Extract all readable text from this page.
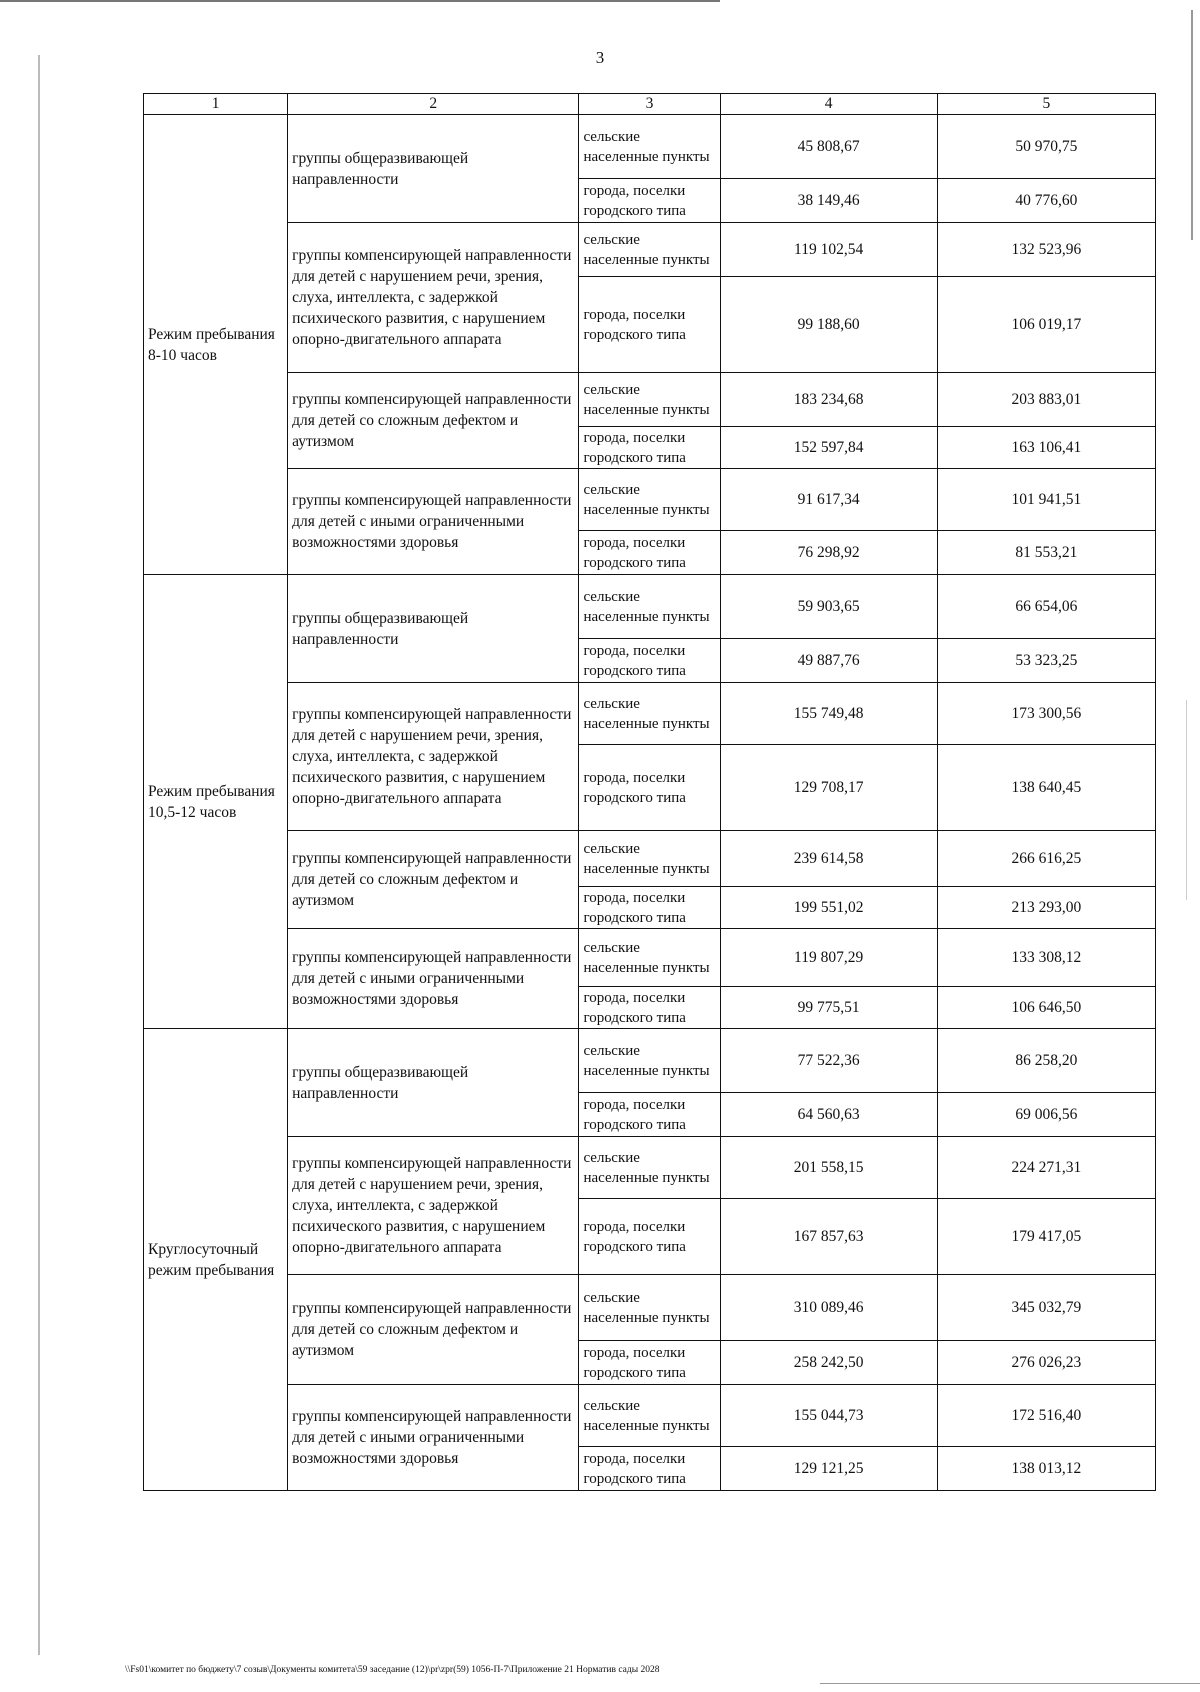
3
1	2	3	4	5
Режим пребывания 8-10 часов	группы общеразвивающей направленности	сельские населенные пункты	45 808,67	50 970,75
		города, поселки городского типа	38 149,46	40 776,60
	группы компенсирующей направленности для детей с нарушением речи, зрения, слуха, интеллекта, с задержкой психического развития, с нарушением опорно-двигательного аппарата	сельские населенные пункты	119 102,54	132 523,96
		города, поселки городского типа	99 188,60	106 019,17
	группы компенсирующей направленности для детей со сложным дефектом и аутизмом	сельские населенные пункты	183 234,68	203 883,01
		города, поселки городского типа	152 597,84	163 106,41
	группы компенсирующей направленности для детей с иными ограниченными возможностями здоровья	сельские населенные пункты	91 617,34	101 941,51
		города, поселки городского типа	76 298,92	81 553,21
Режим пребывания 10,5-12 часов	группы общеразвивающей направленности	сельские населенные пункты	59 903,65	66 654,06
		города, поселки городского типа	49 887,76	53 323,25
	группы компенсирующей направленности для детей с нарушением речи, зрения, слуха, интеллекта, с задержкой психического развития, с нарушением опорно-двигательного аппарата	сельские населенные пункты	155 749,48	173 300,56
		города, поселки городского типа	129 708,17	138 640,45
	группы компенсирующей направленности для детей со сложным дефектом и аутизмом	сельские населенные пункты	239 614,58	266 616,25
		города, поселки городского типа	199 551,02	213 293,00
	группы компенсирующей направленности для детей с иными ограниченными возможностями здоровья	сельские населенные пункты	119 807,29	133 308,12
		города, поселки городского типа	99 775,51	106 646,50
Круглосуточный режим пребывания	группы общеразвивающей направленности	сельские населенные пункты	77 522,36	86 258,20
		города, поселки городского типа	64 560,63	69 006,56
	группы компенсирующей направленности для детей с нарушением речи, зрения, слуха, интеллекта, с задержкой психического развития, с нарушением опорно-двигательного аппарата	сельские населенные пункты	201 558,15	224 271,31
		города, поселки городского типа	167 857,63	179 417,05
	группы компенсирующей направленности для детей со сложным дефектом и аутизмом	сельские населенные пункты	310 089,46	345 032,79
		города, поселки городского типа	258 242,50	276 026,23
	группы компенсирующей направленности для детей с иными ограниченными возможностями здоровья	сельские населенные пункты	155 044,73	172 516,40
		города, поселки городского типа	129 121,25	138 013,12
\\Fs01\комитет по бюджету\7 созыв\Документы комитета\59 заседание (12)\pr\zpr(59) 1056-П-7\Приложение 21 Норматив сады 2028
